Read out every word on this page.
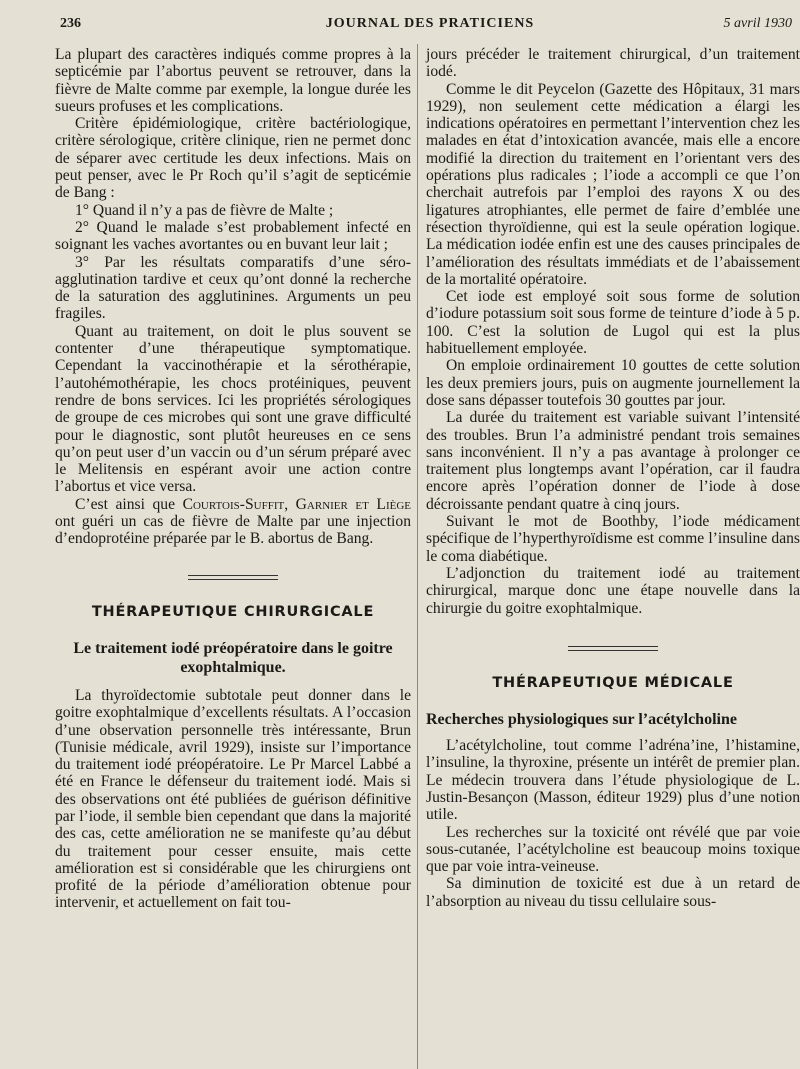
236	JOURNAL DES PRATICIENS	5 avril 1930

La plupart des caractères indiqués comme propres à la septicémie par l’abortus peuvent se retrouver, dans la fièvre de Malte comme par exemple, la longue durée les sueurs profuses et les complications.

Critère épidémiologique, critère bactériologique, critère sérologique, critère clinique, rien ne permet donc de séparer avec certitude les deux infections. Mais on peut penser, avec le Pr Roch qu’il s’agit de septicémie de Bang :

1° Quand il n’y a pas de fièvre de Malte ;

2° Quand le malade s’est probablement infecté en soignant les vaches avortantes ou en buvant leur lait ;

3° Par les résultats comparatifs d’une séro-agglutination tardive et ceux qu’ont donné la recherche de la saturation des agglutinines. Arguments un peu fragiles.

Quant au traitement, on doit le plus souvent se contenter d’une thérapeutique symptomatique. Cependant la vaccinothérapie et la sérothérapie, l’autohémothérapie, les chocs protéiniques, peuvent rendre de bons services. Ici les propriétés sérologiques de groupe de ces microbes qui sont une grave difficulté pour le diagnostic, sont plutôt heureuses en ce sens qu’on peut user d’un vaccin ou d’un sérum préparé avec le Melitensis en espérant avoir une action contre l’abortus et vice versa.

C’est ainsi que Courtois-Suffit, Garnier et Liège ont guéri un cas de fièvre de Malte par une injection d’endoprotéine préparée par le B. abortus de Bang.

THÉRAPEUTIQUE CHIRURGICALE
Le traitement iodé préopératoire dans le goitre exophtalmique.

La thyroïdectomie subtotale peut donner dans le goitre exophtalmique d’excellents résultats. A l’occasion d’une observation personnelle très intéressante, Brun (Tunisie médicale, avril 1929), insiste sur l’importance du traitement iodé préopératoire. Le Pr Marcel Labbé a été en France le défenseur du traitement iodé. Mais si des observations ont été publiées de guérison définitive par l’iode, il semble bien cependant que dans la majorité des cas, cette amélioration ne se manifeste qu’au début du traitement pour cesser ensuite, mais cette amélioration est si considérable que les chirurgiens ont profité de la période d’amélioration obtenue pour intervenir, et actuellement on fait tou-

jours précéder le traitement chirurgical, d’un traitement iodé.

Comme le dit Peycelon (Gazette des Hôpitaux, 31 mars 1929), non seulement cette médication a élargi les indications opératoires en permettant l’intervention chez les malades en état d’intoxication avancée, mais elle a encore modifié la direction du traitement en l’orientant vers des opérations plus radicales ; l’iode a accompli ce que l’on cherchait autrefois par l’emploi des rayons X ou des ligatures atrophiantes, elle permet de faire d’emblée une résection thyroïdienne, qui est la seule opération logique. La médication iodée enfin est une des causes principales de l’amélioration des résultats immédiats et de l’abaissement de la mortalité opératoire.

Cet iode est employé soit sous forme de solution d’iodure potassium soit sous forme de teinture d’iode à 5 p. 100. C’est la solution de Lugol qui est la plus habituellement employée.

On emploie ordinairement 10 gouttes de cette solution les deux premiers jours, puis on augmente journellement la dose sans dépasser toutefois 30 gouttes par jour.

La durée du traitement est variable suivant l’intensité des troubles. Brun l’a administré pendant trois semaines sans inconvénient. Il n’y a pas avantage à prolonger ce traitement plus longtemps avant l’opération, car il faudra encore après l’opération donner de l’iode à dose décroissante pendant quatre à cinq jours.

Suivant le mot de Boothby, l’iode médicament spécifique de l’hyperthyroïdisme est comme l’insuline dans le coma diabétique.

L’adjonction du traitement iodé au traitement chirurgical, marque donc une étape nouvelle dans la chirurgie du goitre exophtalmique.

THÉRAPEUTIQUE MÉDICALE
Recherches physiologiques sur l’acétylcholine

L’acétylcholine, tout comme l’adréna’ine, l’histamine, l’insuline, la thyroxine, présente un intérêt de premier plan. Le médecin trouvera dans l’étude physiologique de L. Justin-Besançon (Masson, éditeur 1929) plus d’une notion utile.

Les recherches sur la toxicité ont révélé que par voie sous-cutanée, l’acétylcholine est beaucoup moins toxique que par voie intra-veineuse.

Sa diminution de toxicité est due à un retard de l’absorption au niveau du tissu cellulaire sous-
